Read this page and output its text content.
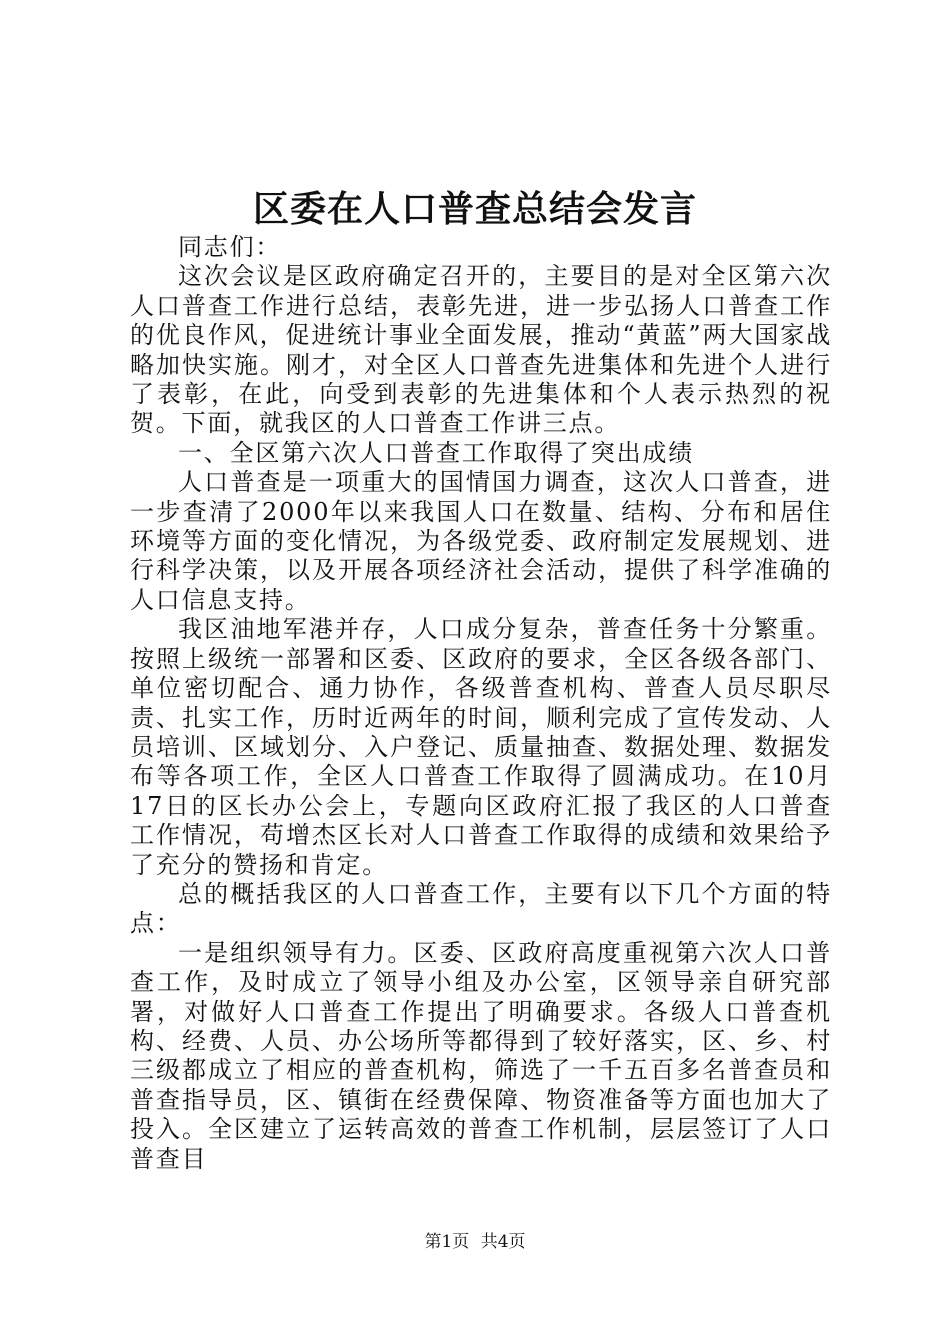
区委在人口普查总结会发言

同志们：

这次会议是区政府确定召开的，主要目的是对全区第六次人口普查工作进行总结，表彰先进，进一步弘扬人口普查工作的优良作风，促进统计事业全面发展，推动“黄蓝”两大国家战略加快实施。刚才，对全区人口普查先进集体和先进个人进行了表彰，在此，向受到表彰的先进集体和个人表示热烈的祝贺。下面，就我区的人口普查工作讲三点。

一、全区第六次人口普查工作取得了突出成绩

人口普查是一项重大的国情国力调查，这次人口普查，进一步查清了2000年以来我国人口在数量、结构、分布和居住环境等方面的变化情况，为各级党委、政府制定发展规划、进行科学决策，以及开展各项经济社会活动，提供了科学准确的人口信息支持。

我区油地军港并存，人口成分复杂，普查任务十分繁重。按照上级统一部署和区委、区政府的要求，全区各级各部门、单位密切配合、通力协作，各级普查机构、普查人员尽职尽责、扎实工作，历时近两年的时间，顺利完成了宣传发动、人员培训、区域划分、入户登记、质量抽查、数据处理、数据发布等各项工作，全区人口普查工作取得了圆满成功。在10月17日的区长办公会上，专题向区政府汇报了我区的人口普查工作情况，苟增杰区长对人口普查工作取得的成绩和效果给予了充分的赞扬和肯定。

总的概括我区的人口普查工作，主要有以下几个方面的特点：

一是组织领导有力。区委、区政府高度重视第六次人口普查工作，及时成立了领导小组及办公室，区领导亲自研究部署，对做好人口普查工作提出了明确要求。各级人口普查机构、经费、人员、办公场所等都得到了较好落实，区、乡、村三级都成立了相应的普查机构，筛选了一千五百多名普查员和普查指导员，区、镇街在经费保障、物资准备等方面也加大了投入。全区建立了运转高效的普查工作机制，层层签订了人口普查目

第1页 共4页
